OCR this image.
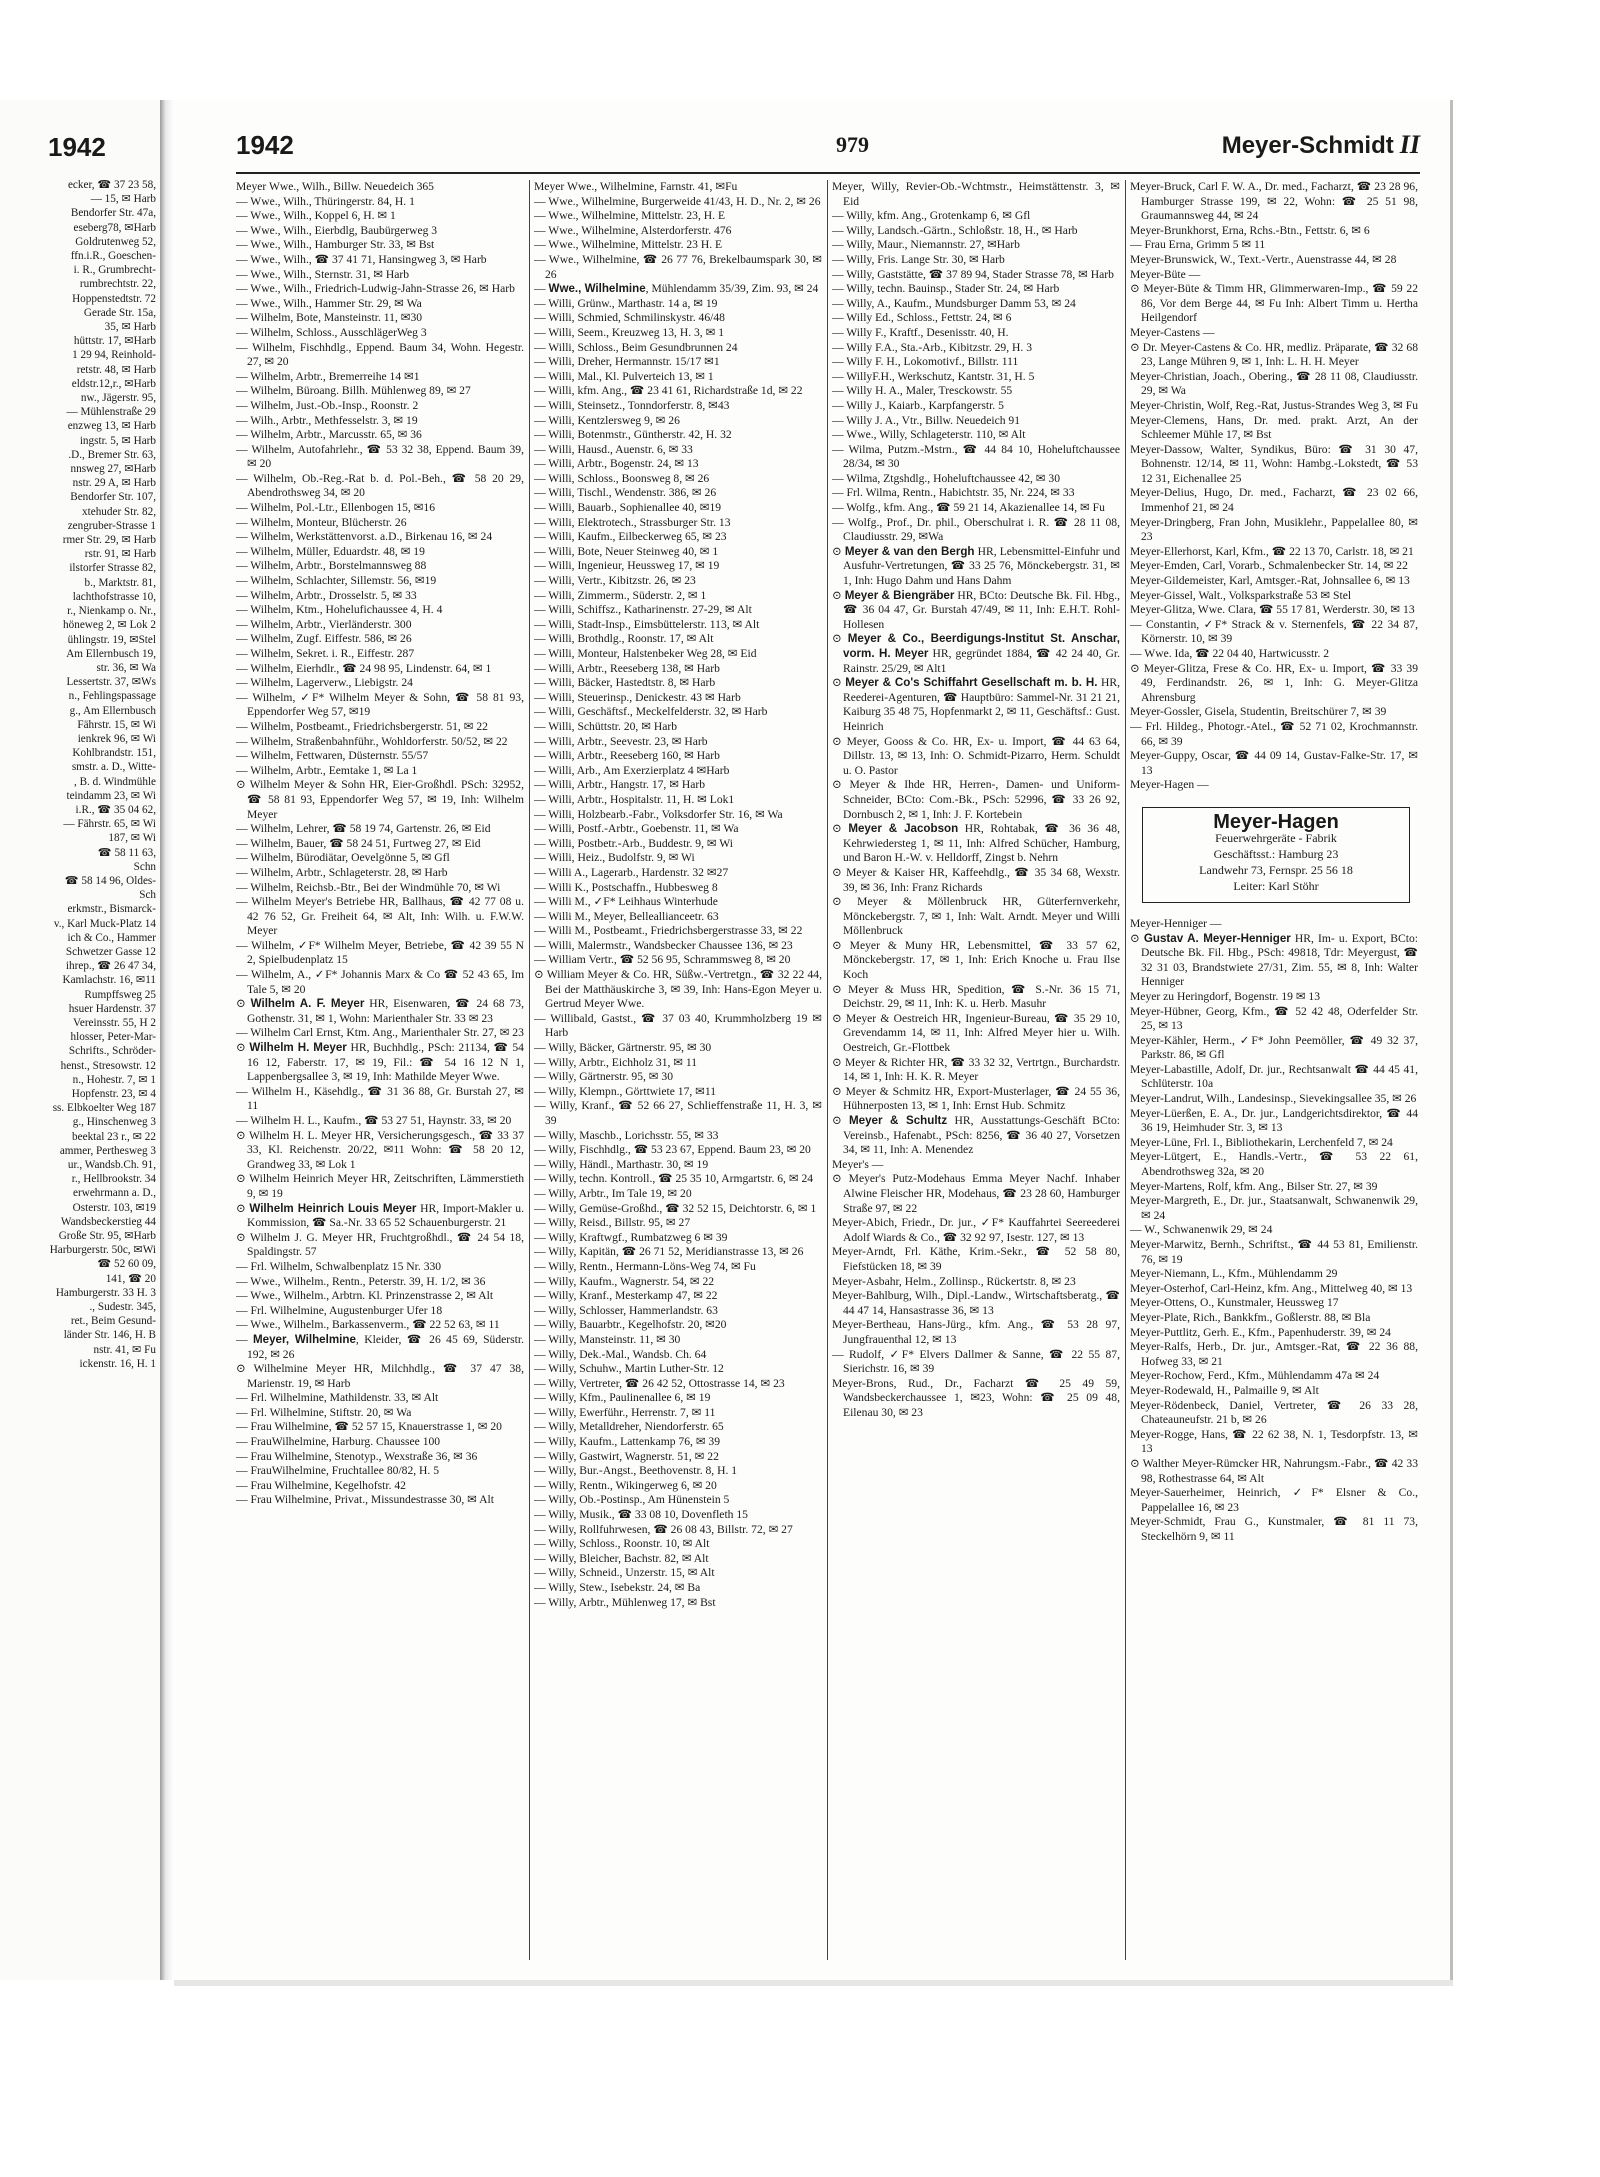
1942
ecker, ☎ 37 23 58,
— 15, ✉ Harb
Bendorfer Str. 47a,
eseberg78, ✉Harb
Goldrutenweg 52,
ffn.i.R., Goeschen-
i. R., Grumbrecht-
rumbrechtstr. 22,
Hoppenstedtstr. 72
Gerade Str. 15a,
35, ✉ Harb
hüttstr. 17, ✉Harb
1 29 94, Reinhold-
retstr. 48, ✉ Harb
eldstr.12,r., ✉Harb
nw., Jägerstr. 95,
— Mühlenstraße 29
enzweg 13, ✉ Harb
ingstr. 5, ✉ Harb
.D., Bremer Str. 63,
nnsweg 27, ✉Harb
nstr. 29 A, ✉ Harb
Bendorfer Str. 107,
xtehuder Str. 82,
zengruber-Strasse 1
rmer Str. 29, ✉ Harb
rstr. 91, ✉ Harb
ilstorfer Strasse 82,
b., Marktstr. 81,
lachthofstrasse 10,
r., Nienkamp o. Nr.,
höneweg 2, ✉ Lok 2
ühlingstr. 19, ✉Stel
Am Ellernbusch 19,
str. 36, ✉ Wa
Lessertstr. 37, ✉Ws
n., Fehlingspassage
g., Am Ellernbusch
Fährstr. 15, ✉ Wi
ienkrek 96, ✉ Wi
Kohlbrandstr. 151,
smstr. a. D., Witte-
, B. d. Windmühle
teindamm 23, ✉ Wi
i.R., ☎ 35 04 62,
— Fährstr. 65, ✉ Wi
187, ✉ Wi
☎ 58 11 63,
Schn
☎ 58 14 96, Oldes-
Sch
erkmstr., Bismarck-
v., Karl Muck-Platz 14
ich & Co., Hammer
Schwetzer Gasse 12
ihrep., ☎ 26 47 34,
Kamlachstr. 16, ✉11
Rumpffsweg 25
hsuer Hardenstr. 37
Vereinsstr. 55, H 2
hlosser, Peter-Mar-
Schrifts., Schröder-
henst., Stresowstr. 12
n., Hohestr. 7, ✉ 1
Hopfenstr. 23, ✉ 4
ss. Elbkoelter Weg 187
g., Hinschenweg 3
beektal 23 r., ✉ 22
ammer, Perthesweg 3
ur., Wandsb.Ch. 91,
r., Hellbrookstr. 34
erwehrmann a. D.,
Osterstr. 103, ✉19
Wandsbeckerstieg 44
Große Str. 95, ✉Harb
Harburgerstr. 50c, ✉Wi
☎ 52 60 09,
141, ☎ 20
Hamburgerstr. 33 H. 3
., Sudestr. 345,
ret., Beim Gesund-
länder Str. 146, H. B
nstr. 41, ✉ Fu
ickenstr. 16, H. 1
1942	979	Meyer-Schmidt II
Meyer Wwe., Wilh., Billw. Neuedeich 365
— Wwe., Wilh., Thüringerstr. 84, H. 1
— Wwe., Wilh., Koppel 6, H. ✉ 1
— Wwe., Wilh., Eierbdlg, Baubürgerweg 3
— Wwe., Wilh., Hamburger Str. 33, ✉ Bst
— Wwe., Wilh., ☎ 37 41 71, Hansingweg 3, ✉ Harb
— Wwe., Wilh., Sternstr. 31, ✉ Harb
— Wwe., Wilh., Friedrich-Ludwig-Jahn-Strasse 26, ✉ Harb
— Wwe., Wilh., Hammer Str. 29, ✉ Wa
— Wilhelm, Bote, Mansteinstr. 11, ✉30
— Wilhelm, Schloss., AusschlägerWeg 3
— Wilhelm, Fischhdlg., Eppend. Baum 34, Wohn. Hegestr. 27, ✉ 20
— Wilhelm, Arbtr., Bremerreihe 14 ✉1
— Wilhelm, Büroang. Billh. Mühlenweg 89, ✉ 27
— Wilhelm, Just.-Ob.-Insp., Roonstr. 2
— Wilh., Arbtr., Methfesselstr. 3, ✉ 19
— Wilhelm, Arbtr., Marcusstr. 65, ✉ 36
— Wilhelm, Autofahrlehr., ☎ 53 32 38, Eppend. Baum 39, ✉ 20
— Wilhelm, Ob.-Reg.-Rat b. d. Pol.-Beh., ☎ 58 20 29, Abendrothsweg 34, ✉ 20
— Wilhelm, Pol.-Ltr., Ellenbogen 15, ✉16
— Wilhelm, Monteur, Blücherstr. 26
— Wilhelm, Werkstättenvorst. a.D., Birkenau 16, ✉ 24
— Wilhelm, Müller, Eduardstr. 48, ✉ 19
— Wilhelm, Arbtr., Borstelmannsweg 88
— Wilhelm, Schlachter, Sillemstr. 56, ✉19
— Wilhelm, Arbtr., Drosselstr. 5, ✉ 33
— Wilhelm, Ktm., Hohelufichaussee 4, H. 4
— Wilhelm, Arbtr., Vierländerstr. 300
— Wilhelm, Zugf. Eiffestr. 586, ✉ 26
— Wilhelm, Sekret. i. R., Eiffestr. 287
— Wilhelm, Eierhdlr., ☎ 24 98 95, Lindenstr. 64, ✉ 1
— Wilhelm, Lagerverw., Liebigstr. 24
— Wilhelm, ✓F* Wilhelm Meyer & Sohn, ☎ 58 81 93, Eppendorfer Weg 57, ✉19
— Wilhelm, Postbeamt., Friedrichsbergerstr. 51, ✉ 22
— Wilhelm, Straßenbahnführ., Wohldorferstr. 50/52, ✉ 22
— Wilhelm, Fettwaren, Düsternstr. 55/57
— Wilhelm, Arbtr., Eemtake 1, ✉ La 1
⊙ Wilhelm Meyer & Sohn HR, Eier-Großhdl. PSch: 32952, ☎ 58 81 93, Eppendorfer Weg 57, ✉ 19, Inh: Wilhelm Meyer
— Wilhelm, Lehrer, ☎ 58 19 74, Gartenstr. 26, ✉ Eid
— Wilhelm, Bauer, ☎ 58 24 51, Furtweg 27, ✉ Eid
— Wilhelm, Bürodiätar, Oevelgönne 5, ✉ Gfl
— Wilhelm, Arbtr., Schlageterstr. 28, ✉ Harb
— Wilhelm, Reichsb.-Btr., Bei der Windmühle 70, ✉ Wi
— Wilhelm Meyer's Betriebe HR, Ballhaus, ☎ 42 77 08 u. 42 76 52, Gr. Freiheit 64, ✉ Alt, Inh: Wilh. u. F.W.W. Meyer
— Wilhelm, ✓F* Wilhelm Meyer, Betriebe, ☎ 42 39 55 N 2, Spielbudenplatz 15
— Wilhelm, A., ✓F* Johannis Marx & Co ☎ 52 43 65, Im Tale 5, ✉ 20
⊙ Wilhelm A. F. Meyer HR, Eisenwaren, ☎ 24 68 73, Gothenstr. 31, ✉ 1, Wohn: Marienthaler Str. 33 ✉ 23
— Wilhelm Carl Ernst, Ktm. Ang., Marienthaler Str. 27, ✉ 23
⊙ Wilhelm H. Meyer HR, Buchhdlg., PSch: 21134, ☎ 54 16 12, Faberstr. 17, ✉ 19, Fil.: ☎ 54 16 12 N 1, Lappenbergsallee 3, ✉ 19, Inh: Mathilde Meyer Wwe.
— Wilhelm H., Käsehdlg., ☎ 31 36 88, Gr. Burstah 27, ✉ 11
— Wilhelm H. L., Kaufm., ☎ 53 27 51, Haynstr. 33, ✉ 20
⊙ Wilhelm H. L. Meyer HR, Versicherungsgesch., ☎ 33 37 33, Kl. Reichenstr. 20/22, ✉11 Wohn: ☎ 58 20 12, Grandweg 33, ✉ Lok 1
⊙ Wilhelm Heinrich Meyer HR, Zeitschriften, Lämmerstieth 9, ✉ 19
⊙ Wilhelm Heinrich Louis Meyer HR, Import-Makler u. Kommission, ☎ Sa.-Nr. 33 65 52 Schauenburgerstr. 21
⊙ Wilhelm J. G. Meyer HR, Fruchtgroßhdl., ☎ 24 54 18, Spaldingstr. 57
— Frl. Wilhelm, Schwalbenplatz 15 Nr. 330
— Wwe., Wilhelm., Rentn., Peterstr. 39, H. 1/2, ✉ 36
— Wwe., Wilhelm., Arbtrn. Kl. Prinzenstrasse 2, ✉ Alt
— Frl. Wilhelmine, Augustenburger Ufer 18
— Wwe., Wilhelm., Barkassenverm., ☎ 22 52 63, ✉ 11
— Meyer, Wilhelmine, Kleider, ☎ 26 45 69, Süderstr. 192, ✉ 26
⊙ Wilhelmine Meyer HR, Milchhdlg., ☎ 37 47 38, Marienstr. 19, ✉ Harb
— Frl. Wilhelmine, Mathildenstr. 33, ✉ Alt
— Frl. Wilhelmine, Stiftstr. 20, ✉ Wa
— Frau Wilhelmine, ☎ 52 57 15, Knauerstrasse 1, ✉ 20
— FrauWilhelmine, Harburg. Chaussee 100
— Frau Wilhelmine, Stenotyp., Wexstraße 36, ✉ 36
— FrauWilhelmine, Fruchtallee 80/82, H. 5
— Frau Wilhelmine, Kegelhofstr. 42
— Frau Wilhelmine, Privat., Missundestrasse 30, ✉ Alt
Meyer Wwe., Wilhelmine, Farnstr. 41, ✉Fu
— Wwe., Wilhelmine, Burgerweide 41/43, H. D., Nr. 2, ✉ 26
— Wwe., Wilhelmine, Mittelstr. 23, H. E
— Wwe., Wilhelmine, Alsterdorferstr. 476
— Wwe., Wilhelmine, Mittelstr. 23 H. E
— Wwe., Wilhelmine, ☎ 26 77 76, Brekelbaumspark 30, ✉ 26
— Wwe., Wilhelmine, Mühlendamm 35/39, Zim. 93, ✉ 24
— Willi, Grünw., Marthastr. 14 a, ✉ 19
— Willi, Schmied, Schmilinskystr. 46/48
— Willi, Seem., Kreuzweg 13, H. 3, ✉ 1
— Willi, Schloss., Beim Gesundbrunnen 24
— Willi, Dreher, Hermannstr. 15/17 ✉1
— Willi, Mal., Kl. Pulverteich 13, ✉ 1
— Willi, kfm. Ang., ☎ 23 41 61, Richardstraße 1d, ✉ 22
— Willi, Steinsetz., Tonndorferstr. 8, ✉43
— Willi, Kentzlersweg 9, ✉ 26
— Willi, Botenmstr., Güntherstr. 42, H. 32
— Willi, Hausd., Auenstr. 6, ✉ 33
— Willi, Arbtr., Bogenstr. 24, ✉ 13
— Willi, Schloss., Boonsweg 8, ✉ 26
— Willi, Tischl., Wendenstr. 386, ✉ 26
— Willi, Bauarb., Sophienallee 40, ✉19
— Willi, Elektrotech., Strassburger Str. 13
— Willi, Kaufm., Eilbeckerweg 65, ✉ 23
— Willi, Bote, Neuer Steinweg 40, ✉ 1
— Willi, Ingenieur, Heussweg 17, ✉ 19
— Willi, Vertr., Kibitzstr. 26, ✉ 23
— Willi, Zimmerm., Süderstr. 2, ✉ 1
— Willi, Schiffsz., Katharinenstr. 27-29, ✉ Alt
— Willi, Stadt-Insp., Eimsbüttelerstr. 113, ✉ Alt
— Willi, Brothdlg., Roonstr. 17, ✉ Alt
— Willi, Monteur, Halstenbeker Weg 28, ✉ Eid
— Willi, Arbtr., Reeseberg 138, ✉ Harb
— Willi, Bäcker, Hastedtstr. 8, ✉ Harb
— Willi, Steuerinsp., Denickestr. 43 ✉ Harb
— Willi, Geschäftsf., Meckelfelderstr. 32, ✉ Harb
— Willi, Schüttstr. 20, ✉ Harb
— Willi, Arbtr., Seevestr. 23, ✉ Harb
— Willi, Arbtr., Reeseberg 160, ✉ Harb
— Willi, Arb., Am Exerzierplatz 4 ✉Harb
— Willi, Arbtr., Hangstr. 17, ✉ Harb
— Willi, Arbtr., Hospitalstr. 11, H. ✉ Lok1
— Willi, Holzbearb.-Fabr., Volksdorfer Str. 16, ✉ Wa
— Willi, Postf.-Arbtr., Goebenstr. 11, ✉ Wa
— Willi, Postbetr.-Arb., Buddestr. 9, ✉ Wi
— Willi, Heiz., Budolfstr. 9, ✉ Wi
— Willi A., Lagerarb., Hardenstr. 32 ✉27
— Willi K., Postschaffn., Hubbesweg 8
— Willi M., ✓F* Leihhaus Winterhude
— Willi M., Meyer, Belleallianceetr. 63
— Willi M., Postbeamt., Friedrichsbergerstrasse 33, ✉ 22
— Willi, Malermstr., Wandsbecker Chaussee 136, ✉ 23
— William Vertr., ☎ 52 56 95, Schrammsweg 8, ✉ 20
⊙ William Meyer & Co. HR, Süßw.-Vertretgn., ☎ 32 22 44, Bei der Matthäuskirche 3, ✉ 39, Inh: Hans-Egon Meyer u. Gertrud Meyer Wwe.
— Willibald, Gastst., ☎ 37 03 40, Krummholzberg 19 ✉ Harb
— Willy, Bäcker, Gärtnerstr. 95, ✉ 30
— Willy, Arbtr., Eichholz 31, ✉ 11
— Willy, Gärtnerstr. 95, ✉ 30
— Willy, Klempn., Görttwiete 17, ✉11
— Willy, Kranf., ☎ 52 66 27, Schlieffenstraße 11, H. 3, ✉ 39
— Willy, Maschb., Lorichsstr. 55, ✉ 33
— Willy, Fischhdlg., ☎ 53 23 67, Eppend. Baum 23, ✉ 20
— Willy, Händl., Marthastr. 30, ✉ 19
— Willy, techn. Kontroll., ☎ 25 35 10, Armgartstr. 6, ✉ 24
— Willy, Arbtr., Im Tale 19, ✉ 20
— Willy, Gemüse-Großhd., ☎ 32 52 15, Deichtorstr. 6, ✉ 1
— Willy, Reisd., Billstr. 95, ✉ 27
— Willy, Kraftwgf., Rumbatzweg 6 ✉ 39
— Willy, Kapitän, ☎ 26 71 52, Meridianstrasse 13, ✉ 26
— Willy, Rentn., Hermann-Löns-Weg 74, ✉ Fu
— Willy, Kaufm., Wagnerstr. 54, ✉ 22
— Willy, Kranf., Mesterkamp 47, ✉ 22
— Willy, Schlosser, Hammerlandstr. 63
— Willy, Bauarbtr., Kegelhofstr. 20, ✉20
— Willy, Mansteinstr. 11, ✉ 30
— Willy, Dek.-Mal., Wandsb. Ch. 64
— Willy, Schuhw., Martin Luther-Str. 12
— Willy, Vertreter, ☎ 26 42 52, Ottostrasse 14, ✉ 23
— Willy, Kfm., Paulinenallee 6, ✉ 19
— Willy, Ewerführ., Herrenstr. 7, ✉ 11
— Willy, Metalldreher, Niendorferstr. 65
— Willy, Kaufm., Lattenkamp 76, ✉ 39
— Willy, Gastwirt, Wagnerstr. 51, ✉ 22
— Willy, Bur.-Angst., Beethovenstr. 8, H. 1
— Willy, Rentn., Wikingerweg 6, ✉ 20
— Willy, Ob.-Postinsp., Am Hünenstein 5
— Willy, Musik., ☎ 33 08 10, Dovenfleth 15
— Willy, Rollfuhrwesen, ☎ 26 08 43, Billstr. 72, ✉ 27
— Willy, Schloss., Roonstr. 10, ✉ Alt
— Willy, Bleicher, Bachstr. 82, ✉ Alt
— Willy, Schneid., Unzerstr. 15, ✉ Alt
— Willy, Stew., Isebekstr. 24, ✉ Ba
— Willy, Arbtr., Mühlenweg 17, ✉ Bst
Meyer, Willy, Revier-Ob.-Wchtmstr., Heimstättenstr. 3, ✉ Eid
— Willy, kfm. Ang., Grotenkamp 6, ✉ Gfl
— Willy, Landsch.-Gärtn., Schloßstr. 18, H., ✉ Harb
— Willy, Maur., Niemannstr. 27, ✉Harb
— Willy, Fris. Lange Str. 30, ✉ Harb
— Willy, Gaststätte, ☎ 37 89 94, Stader Strasse 78, ✉ Harb
— Willy, techn. Bauinsp., Stader Str. 24, ✉ Harb
— Willy, A., Kaufm., Mundsburger Damm 53, ✉ 24
— Willy Ed., Schloss., Fettstr. 24, ✉ 6
— Willy F., Kraftf., Desenisstr. 40, H.
— Willy F.A., Sta.-Arb., Kibitzstr. 29, H. 3
— Willy F. H., Lokomotivf., Billstr. 111
— WillyF.H., Werkschutz, Kantstr. 31, H. 5
— Willy H. A., Maler, Tresckowstr. 55
— Willy J., Kaiarb., Karpfangerstr. 5
— Willy J. A., Vtr., Billw. Neuedeich 91
— Wwe., Willy, Schlageterstr. 110, ✉ Alt
— Wilma, Putzm.-Mstrn., ☎ 44 84 10, Hoheluftchaussee 28/34, ✉ 30
— Wilma, Ztgshdlg., Hoheluftchaussee 42, ✉ 30
— Frl. Wilma, Rentn., Habichtstr. 35, Nr. 224, ✉ 33
— Wolfg., kfm. Ang., ☎ 59 21 14, Akazienallee 14, ✉ Fu
— Wolfg., Prof., Dr. phil., Oberschulrat i. R. ☎ 28 11 08, Claudiusstr. 29, ✉Wa
⊙ Meyer & van den Bergh HR, Lebensmittel-Einfuhr und Ausfuhr-Vertretungen, ☎ 33 25 76, Mönckebergstr. 31, ✉ 1, Inh: Hugo Dahm und Hans Dahm
⊙ Meyer & Biengräber HR, BCto: Deutsche Bk. Fil. Hbg., ☎ 36 04 47, Gr. Burstah 47/49, ✉ 11, Inh: E.H.T. Rohl-Hollesen
⊙ Meyer & Co., Beerdigungs-Institut St. Anschar, vorm. H. Meyer HR, gegründet 1884, ☎ 42 24 40, Gr. Rainstr. 25/29, ✉ Alt1
⊙ Meyer & Co's Schiffahrt Gesellschaft m. b. H. HR, Reederei-Agenturen, ☎ Hauptbüro: Sammel-Nr. 31 21 21, Kaiburg 35 48 75, Hopfenmarkt 2, ✉ 11, Geschäftsf.: Gust. Heinrich
⊙ Meyer, Gooss & Co. HR, Ex- u. Import, ☎ 44 63 64, Dillstr. 13, ✉ 13, Inh: O. Schmidt-Pizarro, Herm. Schuldt u. O. Pastor
⊙ Meyer & Ihde HR, Herren-, Damen- und Uniform-Schneider, BCto: Com.-Bk., PSch: 52996, ☎ 33 26 92, Dornbusch 2, ✉ 1, Inh: J. F. Kortebein
⊙ Meyer & Jacobson HR, Rohtabak, ☎ 36 36 48, Kehrwiedersteg 1, ✉ 11, Inh: Alfred Schücher, Hamburg, und Baron H.-W. v. Helldorff, Zingst b. Nehrn
⊙ Meyer & Kaiser HR, Kaffeehdlg., ☎ 35 34 68, Wexstr. 39, ✉ 36, Inh: Franz Richards
⊙ Meyer & Möllenbruck HR, Güterfernverkehr, Mönckebergstr. 7, ✉ 1, Inh: Walt. Arndt. Meyer und Willi Möllenbruck
⊙ Meyer & Muny HR, Lebensmittel, ☎ 33 57 62, Mönckebergstr. 17, ✉ 1, Inh: Erich Knoche u. Frau Ilse Koch
⊙ Meyer & Muss HR, Spedition, ☎ S.-Nr. 36 15 71, Deichstr. 29, ✉ 11, Inh: K. u. Herb. Masuhr
⊙ Meyer & Oestreich HR, Ingenieur-Bureau, ☎ 35 29 10, Grevendamm 14, ✉ 11, Inh: Alfred Meyer hier u. Wilh. Oestreich, Gr.-Flottbek
⊙ Meyer & Richter HR, ☎ 33 32 32, Vertrtgn., Burchardstr. 14, ✉ 1, Inh: H. K. R. Meyer
⊙ Meyer & Schmitz HR, Export-Musterlager, ☎ 24 55 36, Hühnerposten 13, ✉ 1, Inh: Ernst Hub. Schmitz
⊙ Meyer & Schultz HR, Ausstattungs-Geschäft BCto: Vereinsb., Hafenabt., PSch: 8256, ☎ 36 40 27, Vorsetzen 34, ✉ 11, Inh: A. Menendez
Meyer's —
⊙ Meyer's Putz-Modehaus Emma Meyer Nachf. Inhaber Alwine Fleischer HR, Modehaus, ☎ 23 28 60, Hamburger Straße 97, ✉ 22
Meyer-Abich, Friedr., Dr. jur., ✓F* Kauffahrtei Seereederei Adolf Wiards & Co., ☎ 32 92 97, Isestr. 127, ✉ 13
Meyer-Arndt, Frl. Käthe, Krim.-Sekr., ☎ 52 58 80, Fiefstücken 18, ✉ 39
Meyer-Asbahr, Helm., Zollinsp., Rückertstr. 8, ✉ 23
Meyer-Bahlburg, Wilh., Dipl.-Landw., Wirtschaftsberatg., ☎ 44 47 14, Hansastrasse 36, ✉ 13
Meyer-Bertheau, Hans-Jürg., kfm. Ang., ☎ 53 28 97, Jungfrauenthal 12, ✉ 13
— Rudolf, ✓F* Elvers Dallmer & Sanne, ☎ 22 55 87, Sierichstr. 16, ✉ 39
Meyer-Brons, Rud., Dr., Facharzt ☎ 25 49 59, Wandsbeckerchaussee 1, ✉23, Wohn: ☎ 25 09 48, Eilenau 30, ✉ 23
Meyer-Bruck, Carl F. W. A., Dr. med., Facharzt, ☎ 23 28 96, Hamburger Strasse 199, ✉ 22, Wohn: ☎ 25 51 98, Graumannsweg 44, ✉ 24
Meyer-Brunkhorst, Erna, Rchs.-Btn., Fettstr. 6, ✉ 6
— Frau Erna, Grimm 5 ✉ 11
Meyer-Brunswick, W., Text.-Vertr., Auenstrasse 44, ✉ 28
Meyer-Büte —
⊙ Meyer-Büte & Timm HR, Glimmerwaren-Imp., ☎ 59 22 86, Vor dem Berge 44, ✉ Fu Inh: Albert Timm u. Hertha Heilgendorf
Meyer-Castens —
⊙ Dr. Meyer-Castens & Co. HR, medliz. Präparate, ☎ 32 68 23, Lange Mühren 9, ✉ 1, Inh: L. H. H. Meyer
Meyer-Christian, Joach., Obering., ☎ 28 11 08, Claudiusstr. 29, ✉ Wa
Meyer-Christin, Wolf, Reg.-Rat, Justus-Strandes Weg 3, ✉ Fu
Meyer-Clemens, Hans, Dr. med. prakt. Arzt, An der Schleemer Mühle 17, ✉ Bst
Meyer-Dassow, Walter, Syndikus, Büro: ☎ 31 30 47, Bohnenstr. 12/14, ✉ 11, Wohn: Hambg.-Lokstedt, ☎ 53 12 31, Eichenallee 25
Meyer-Delius, Hugo, Dr. med., Facharzt, ☎ 23 02 66, Immenhof 21, ✉ 24
Meyer-Dringberg, Fran John, Musiklehr., Pappelallee 80, ✉ 23
Meyer-Ellerhorst, Karl, Kfm., ☎ 22 13 70, Carlstr. 18, ✉ 21
Meyer-Emden, Carl, Vorarb., Schmalenbecker Str. 14, ✉ 22
Meyer-Gildemeister, Karl, Amtsger.-Rat, Johnsallee 6, ✉ 13
Meyer-Gissel, Walt., Volksparkstraße 53 ✉ Stel
Meyer-Glitza, Wwe. Clara, ☎ 55 17 81, Werderstr. 30, ✉ 13
— Constantin, ✓F* Strack & v. Sternenfels, ☎ 22 34 87, Körnerstr. 10, ✉ 39
— Wwe. Ida, ☎ 22 04 40, Hartwicusstr. 2
⊙ Meyer-Glitza, Frese & Co. HR, Ex- u. Import, ☎ 33 39 49, Ferdinandstr. 26, ✉ 1, Inh: G. Meyer-Glitza Ahrensburg
Meyer-Gossler, Gisela, Studentin, Breitschürer 7, ✉ 39
— Frl. Hildeg., Photogr.-Atel., ☎ 52 71 02, Krochmannstr. 66, ✉ 39
Meyer-Guppy, Oscar, ☎ 44 09 14, Gustav-Falke-Str. 17, ✉ 13
Meyer-Hagen —
Meyer-Hagen
Feuerwehrgeräte - Fabrik
Geschäftsst.: Hamburg 23
Landwehr 73, Fernspr. 25 56 18
Leiter: Karl Stöhr
Meyer-Henniger —
⊙ Gustav A. Meyer-Henniger HR, Im- u. Export, BCto: Deutsche Bk. Fil. Hbg., PSch: 49818, Tdr: Meyergust, ☎ 32 31 03, Brandstwiete 27/31, Zim. 55, ✉ 8, Inh: Walter Henniger
Meyer zu Heringdorf, Bogenstr. 19 ✉ 13
Meyer-Hübner, Georg, Kfm., ☎ 52 42 48, Oderfelder Str. 25, ✉ 13
Meyer-Kähler, Herm., ✓F* John Peemöller, ☎ 49 32 37, Parkstr. 86, ✉ Gfl
Meyer-Labastille, Adolf, Dr. jur., Rechtsanwalt ☎ 44 45 41, Schlüterstr. 10a
Meyer-Landrut, Wilh., Landesinsp., Sievekingsallee 35, ✉ 26
Meyer-Lüerßen, E. A., Dr. jur., Landgerichtsdirektor, ☎ 44 36 19, Heimhuder Str. 3, ✉ 13
Meyer-Lüne, Frl. I., Bibliothekarin, Lerchenfeld 7, ✉ 24
Meyer-Lütgert, E., Handls.-Vertr., ☎ 53 22 61, Abendrothsweg 32a, ✉ 20
Meyer-Martens, Rolf, kfm. Ang., Bilser Str. 27, ✉ 39
Meyer-Margreth, E., Dr. jur., Staatsanwalt, Schwanenwik 29, ✉ 24
— W., Schwanenwik 29, ✉ 24
Meyer-Marwitz, Bernh., Schriftst., ☎ 44 53 81, Emilienstr. 76, ✉ 19
Meyer-Niemann, L., Kfm., Mühlendamm 29
Meyer-Osterhof, Carl-Heinz, kfm. Ang., Mittelweg 40, ✉ 13
Meyer-Ottens, O., Kunstmaler, Heussweg 17
Meyer-Plate, Rich., Bankkfm., Goßlerstr. 88, ✉ Bla
Meyer-Puttlitz, Gerh. E., Kfm., Papenhuderstr. 39, ✉ 24
Meyer-Ralfs, Herb., Dr. jur., Amtsger.-Rat, ☎ 22 36 88, Hofweg 33, ✉ 21
Meyer-Rochow, Ferd., Kfm., Mühlendamm 47a ✉ 24
Meyer-Rodewald, H., Palmaille 9, ✉ Alt
Meyer-Rödenbeck, Daniel, Vertreter, ☎ 26 33 28, Chateauneufstr. 21 b, ✉ 26
Meyer-Rogge, Hans, ☎ 22 62 38, N. 1, Tesdorpfstr. 13, ✉ 13
⊙ Walther Meyer-Rümcker HR, Nahrungsm.-Fabr., ☎ 42 33 98, Rothestrasse 64, ✉ Alt
Meyer-Sauerheimer, Heinrich, ✓F* Elsner & Co., Pappelallee 16, ✉ 23
Meyer-Schmidt, Frau G., Kunstmaler, ☎ 81 11 73, Steckelhörn 9, ✉ 11
